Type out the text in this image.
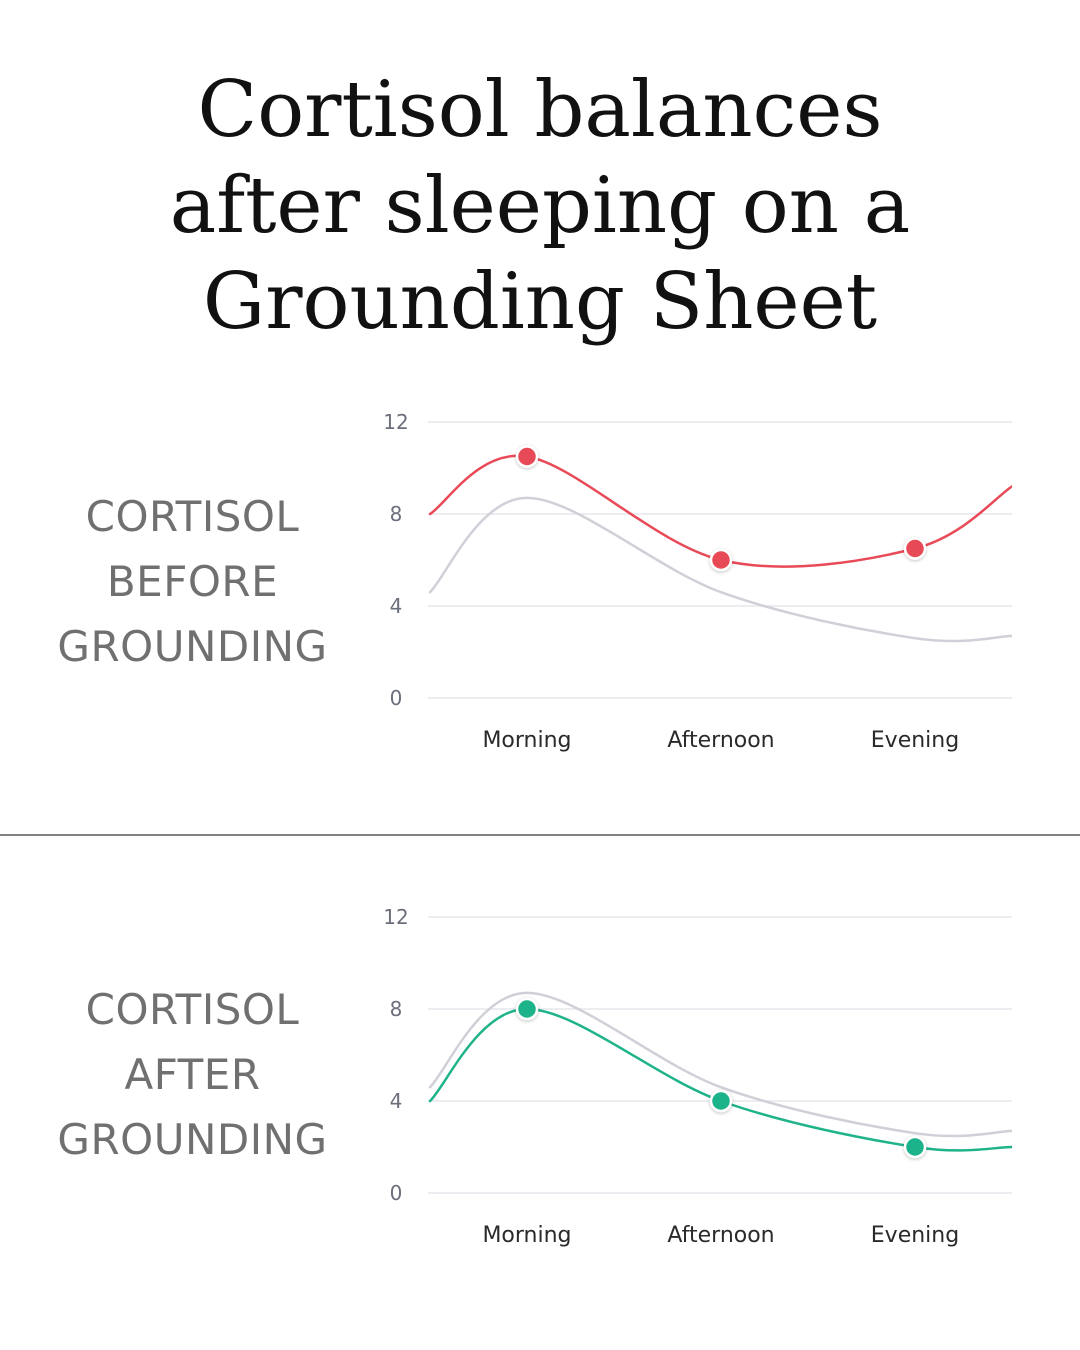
Cortisol balances
after sleeping on a
Grounding Sheet
CORTISOL
BEFORE
GROUNDING
12
8
4
0
Morning	Afternoon	Evening
CORTISOL
AFTER
GROUNDING
12
8
4
0
Morning	Afternoon	Evening
